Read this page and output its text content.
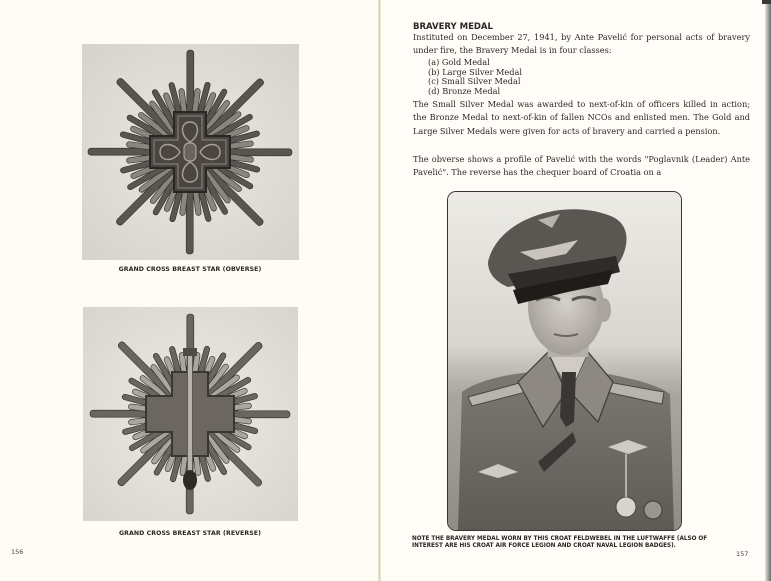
GRAND CROSS BREAST STAR (OBVERSE)
GRAND CROSS BREAST STAR (REVERSE)
156
BRAVERY MEDAL
Instituted on December 27, 1941, by Ante Pavelić for personal acts of bravery under fire, the Bravery Medal is in four classes:
(a) Gold Medal
(b) Large Silver Medal
(c) Small Silver Medal
(d) Bronze Medal
The Small Silver Medal was awarded to next-of-kin of officers killed in action; the Bronze Medal to next-of-kin of fallen NCOs and enlisted men. The Gold and Large Silver Medals were given for acts of bravery and carried a pension.
The obverse shows a profile of Pavelić with the words "Poglavnik (Leader) Ante Pavelić". The reverse has the chequer board of Croatia on a
NOTE THE BRAVERY MEDAL WORN BY THIS CROAT FELDWEBEL IN THE LUFTWAFFE (ALSO OF INTEREST ARE HIS CROAT AIR FORCE LEGION AND CROAT NAVAL LEGION BADGES).
157
